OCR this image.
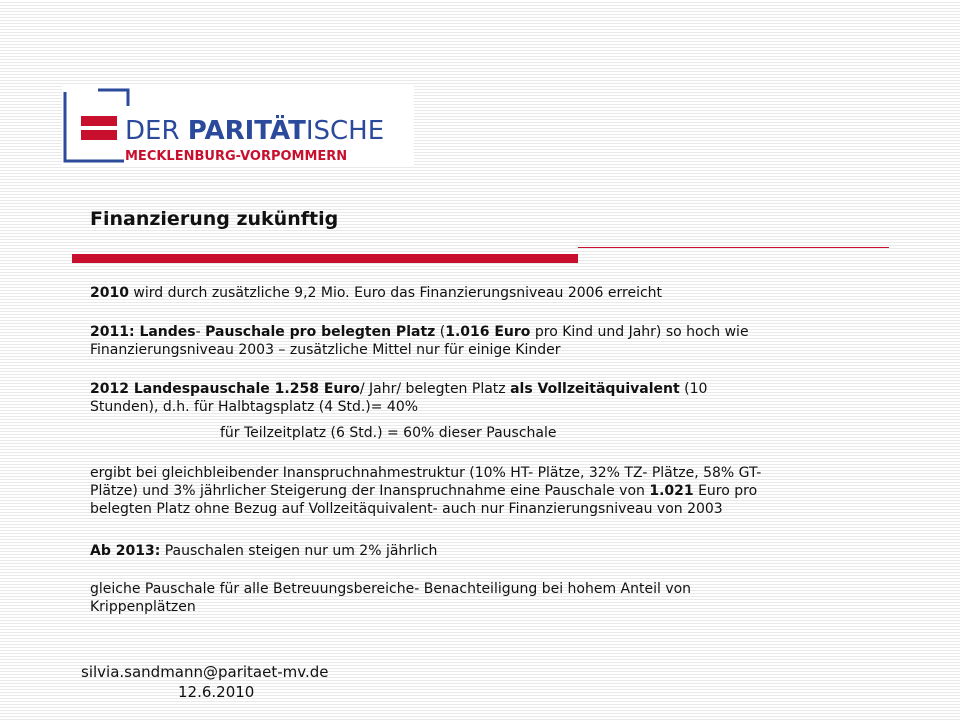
DER PARITÄTISCHE
MECKLENBURG-VORPOMMERN
Finanzierung zukünftig
2010 wird durch zusätzliche 9,2 Mio. Euro das Finanzierungsniveau 2006 erreicht
2011: Landes- Pauschale pro belegten Platz (1.016 Euro pro Kind und Jahr) so hoch wie
Finanzierungsniveau 2003 – zusätzliche Mittel nur für einige Kinder
2012 Landespauschale 1.258 Euro/ Jahr/ belegten Platz als Vollzeitäquivalent (10
Stunden), d.h. für Halbtagsplatz (4 Std.)= 40%
für Teilzeitplatz (6 Std.) = 60% dieser Pauschale
ergibt bei gleichbleibender Inanspruchnahmestruktur (10% HT- Plätze, 32% TZ- Plätze, 58% GT-
Plätze) und 3% jährlicher Steigerung der Inanspruchnahme eine Pauschale von 1.021 Euro pro
belegten Platz ohne Bezug auf Vollzeitäquivalent- auch nur Finanzierungsniveau von 2003
Ab 2013: Pauschalen steigen nur um 2% jährlich
gleiche Pauschale für alle Betreuungsbereiche- Benachteiligung bei hohem Anteil von
Krippenplätzen
silvia.sandmann@paritaet-mv.de
12.6.2010
